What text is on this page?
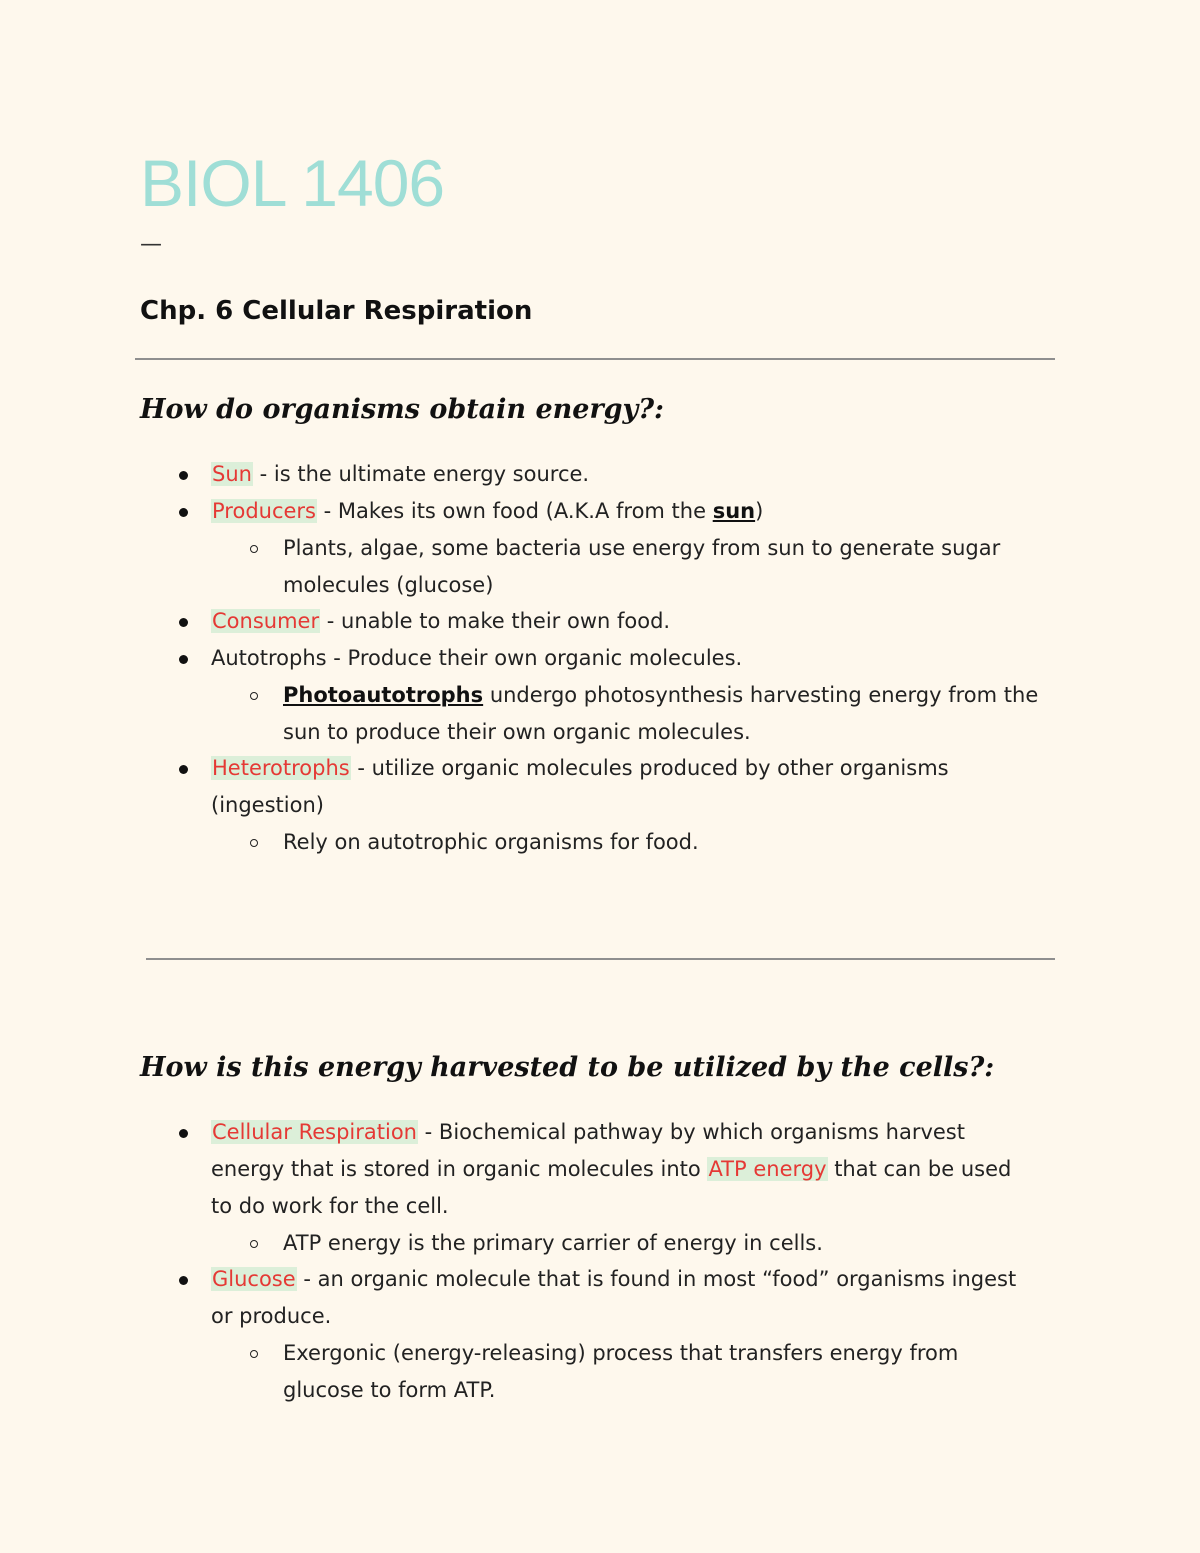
BIOL 1406
—
Chp. 6 Cellular Respiration
How do organisms obtain energy?:
Sun - is the ultimate energy source.
Producers - Makes its own food (A.K.A from the sun)
Plants, algae, some bacteria use energy from sun to generate sugar
molecules (glucose)
Consumer - unable to make their own food.
Autotrophs - Produce their own organic molecules.
Photoautotrophs undergo photosynthesis harvesting energy from the
sun to produce their own organic molecules.
Heterotrophs - utilize organic molecules produced by other organisms
(ingestion)
Rely on autotrophic organisms for food.
How is this energy harvested to be utilized by the cells?:
Cellular Respiration - Biochemical pathway by which organisms harvest
energy that is stored in organic molecules into ATP energy that can be used
to do work for the cell.
ATP energy is the primary carrier of energy in cells.
Glucose - an organic molecule that is found in most “food” organisms ingest
or produce.
Exergonic (energy-releasing) process that transfers energy from
glucose to form ATP.
